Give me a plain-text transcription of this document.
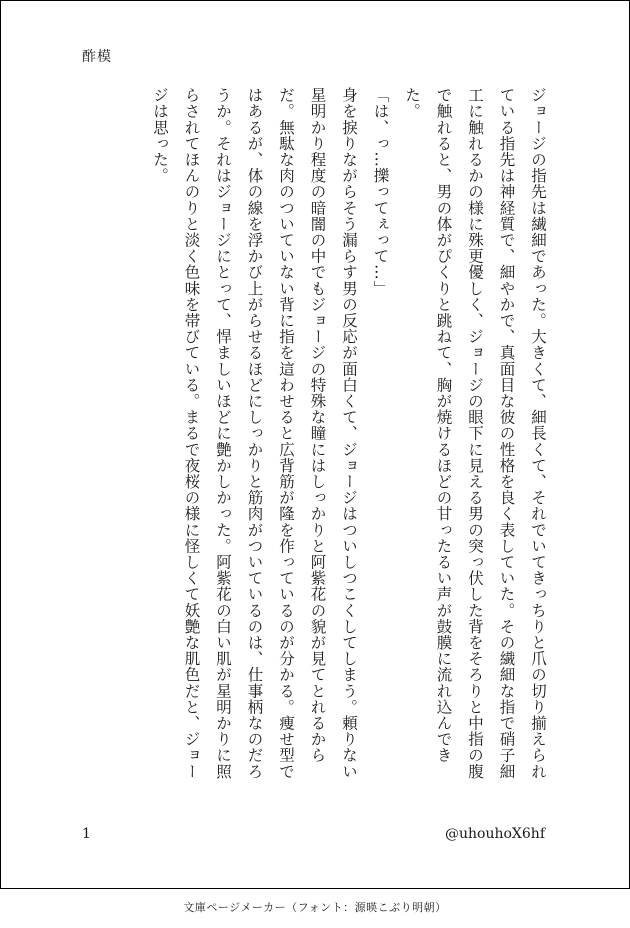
酢模

ジョージの指先は繊細であった。大きくて、細長くて、それでいてきっちりと爪の切り揃えられている指先は神経質で、細やかで、真面目な彼の性格を良く表していた。その繊細な指で硝子細工に触れるかの様に殊更優しく、ジョージの眼下に見える男の突っ伏した背をそろりと中指の腹で触れると、男の体がぴくりと跳ねて、胸が焼けるほどの甘ったるい声が鼓膜に流れ込んできた。

「は、っ…擽ってぇって…」

身を捩りながらそう漏らす男の反応が面白くて、ジョージはついしつこくしてしまう。頼りない星明かり程度の暗闇の中でもジョージの特殊な瞳にはしっかりと阿紫花の貌が見てとれるからだ。無駄な肉のついていない背に指を這わせると広背筋が隆を作っているのが分かる。痩せ型ではあるが、体の線を浮かび上がらせるほどにしっかりと筋肉がついているのは、仕事柄なのだろうか。それはジョージにとって、悍ましいほどに艶かしかった。阿紫花の白い肌が星明かりに照らされてほんのりと淡く色味を帯びている。まるで夜桜の様に怪しくて妖艶な肌色だと、ジョージは思った。

1	@uhouhoX6hf
文庫ページメーカー（フォント：源暎こぶり明朝）
